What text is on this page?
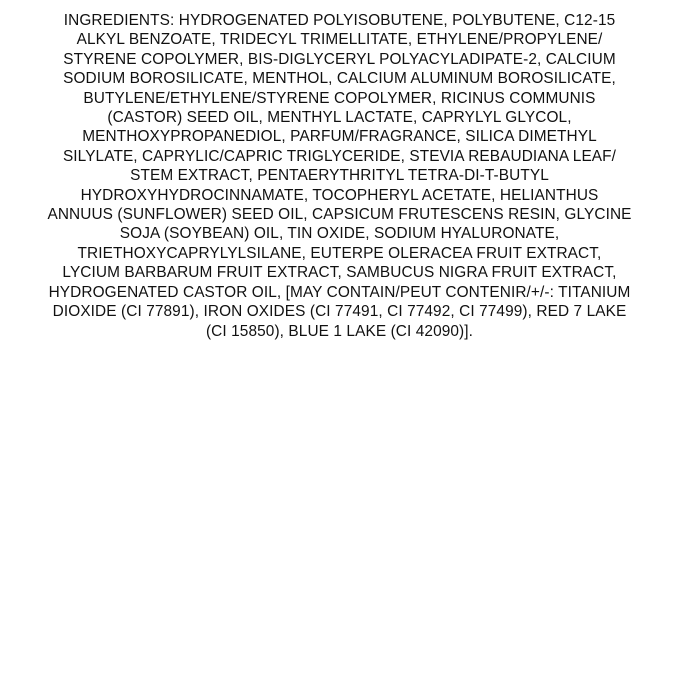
INGREDIENTS: HYDROGENATED POLYISOBUTENE, POLYBUTENE, C12-15
ALKYL BENZOATE, TRIDECYL TRIMELLITATE, ETHYLENE/PROPYLENE/
STYRENE COPOLYMER, BIS-DIGLYCERYL POLYACYLADIPATE-2, CALCIUM
SODIUM BOROSILICATE, MENTHOL, CALCIUM ALUMINUM BOROSILICATE,
BUTYLENE/ETHYLENE/STYRENE COPOLYMER, RICINUS COMMUNIS
(CASTOR) SEED OIL, MENTHYL LACTATE, CAPRYLYL GLYCOL,
MENTHOXYPROPANEDIOL, PARFUM/FRAGRANCE, SILICA DIMETHYL
SILYLATE, CAPRYLIC/CAPRIC TRIGLYCERIDE, STEVIA REBAUDIANA LEAF/
STEM EXTRACT, PENTAERYTHRITYL TETRA-DI-T-BUTYL
HYDROXYHYDROCINNAMATE, TOCOPHERYL ACETATE, HELIANTHUS
ANNUUS (SUNFLOWER) SEED OIL, CAPSICUM FRUTESCENS RESIN, GLYCINE
SOJA (SOYBEAN) OIL, TIN OXIDE, SODIUM HYALURONATE,
TRIETHOXYCAPRYLYLSILANE, EUTERPE OLERACEA FRUIT EXTRACT,
LYCIUM BARBARUM FRUIT EXTRACT, SAMBUCUS NIGRA FRUIT EXTRACT,
HYDROGENATED CASTOR OIL, [MAY CONTAIN/PEUT CONTENIR/+/-: TITANIUM
DIOXIDE (CI 77891), IRON OXIDES (CI 77491, CI 77492, CI 77499), RED 7 LAKE
(CI 15850), BLUE 1 LAKE (CI 42090)].
